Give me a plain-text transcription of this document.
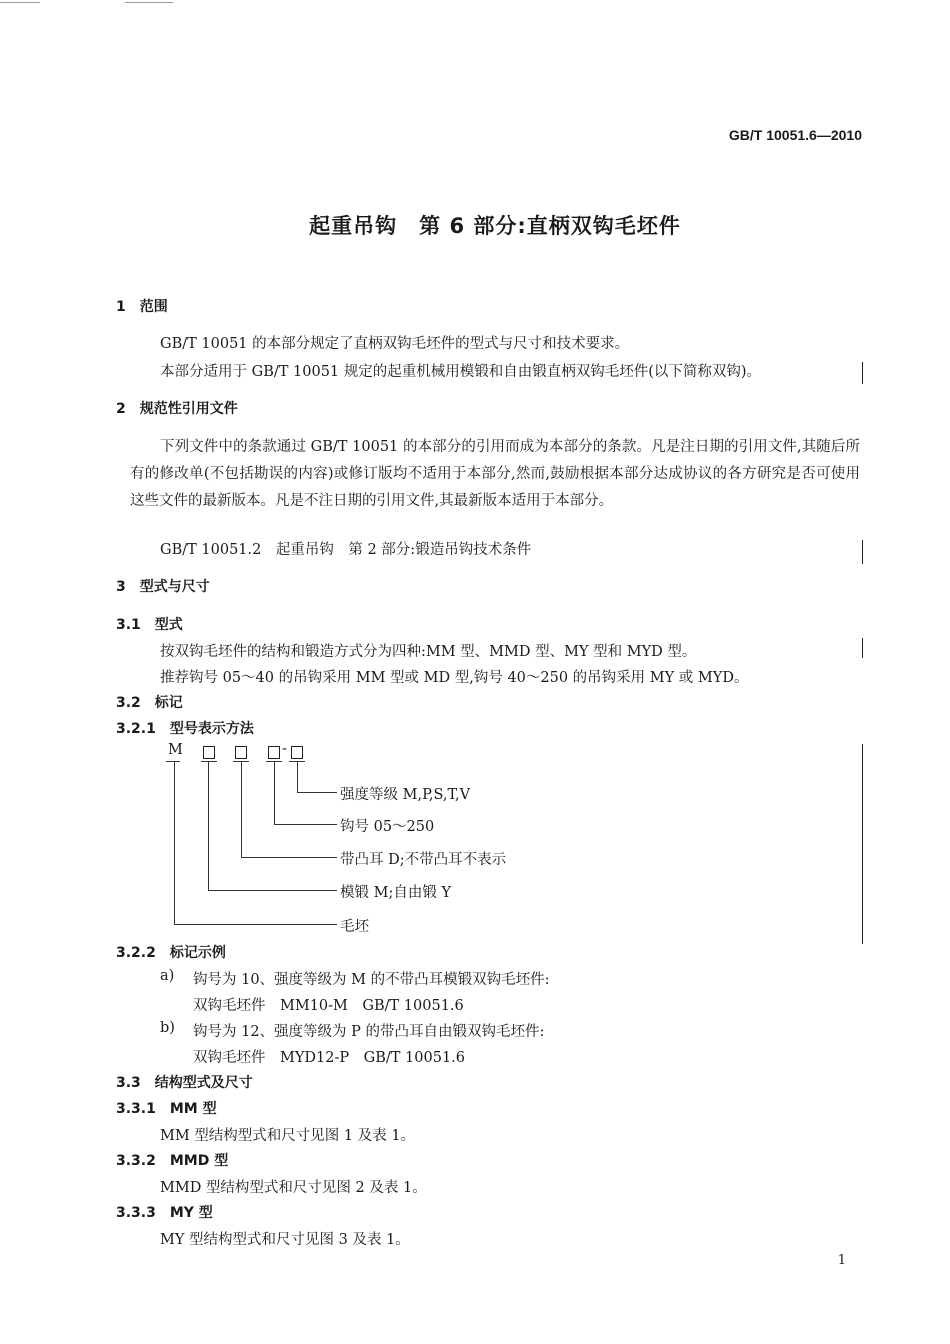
GB/T 10051.6—2010
起重吊钩　第 6 部分:直柄双钩毛坯件
1　范围
GB/T 10051 的本部分规定了直柄双钩毛坯件的型式与尺寸和技术要求。
本部分适用于 GB/T 10051 规定的起重机械用模锻和自由锻直柄双钩毛坯件(以下简称双钩)。
2　规范性引用文件
下列文件中的条款通过 GB/T 10051 的本部分的引用而成为本部分的条款。凡是注日期的引用文件,其随后所有的修改单(不包括勘误的内容)或修订版均不适用于本部分,然而,鼓励根据本部分达成协议的各方研究是否可使用这些文件的最新版本。凡是不注日期的引用文件,其最新版本适用于本部分。
GB/T 10051.2　起重吊钩　第 2 部分:锻造吊钩技术条件
3　型式与尺寸
3.1　型式
按双钩毛坯件的结构和锻造方式分为四种:MM 型、MMD 型、MY 型和 MYD 型。
推荐钩号 05～40 的吊钩采用 MM 型或 MD 型,钩号 40～250 的吊钩采用 MY 或 MYD。
3.2　标记
3.2.1　型号表示方法
M	-
强度等级 M,P,S,T,V
钩号 05～250
带凸耳 D;不带凸耳不表示
模锻 M;自由锻 Y
毛坯
3.2.2　标记示例
a) 钩号为 10、强度等级为 M 的不带凸耳模锻双钩毛坯件:
双钩毛坯件　MM10-M　GB/T 10051.6
b) 钩号为 12、强度等级为 P 的带凸耳自由锻双钩毛坯件:
双钩毛坯件　MYD12-P　GB/T 10051.6
3.3　结构型式及尺寸
3.3.1　MM 型
MM 型结构型式和尺寸见图 1 及表 1。
3.3.2　MMD 型
MMD 型结构型式和尺寸见图 2 及表 1。
3.3.3　MY 型
MY 型结构型式和尺寸见图 3 及表 1。
1
